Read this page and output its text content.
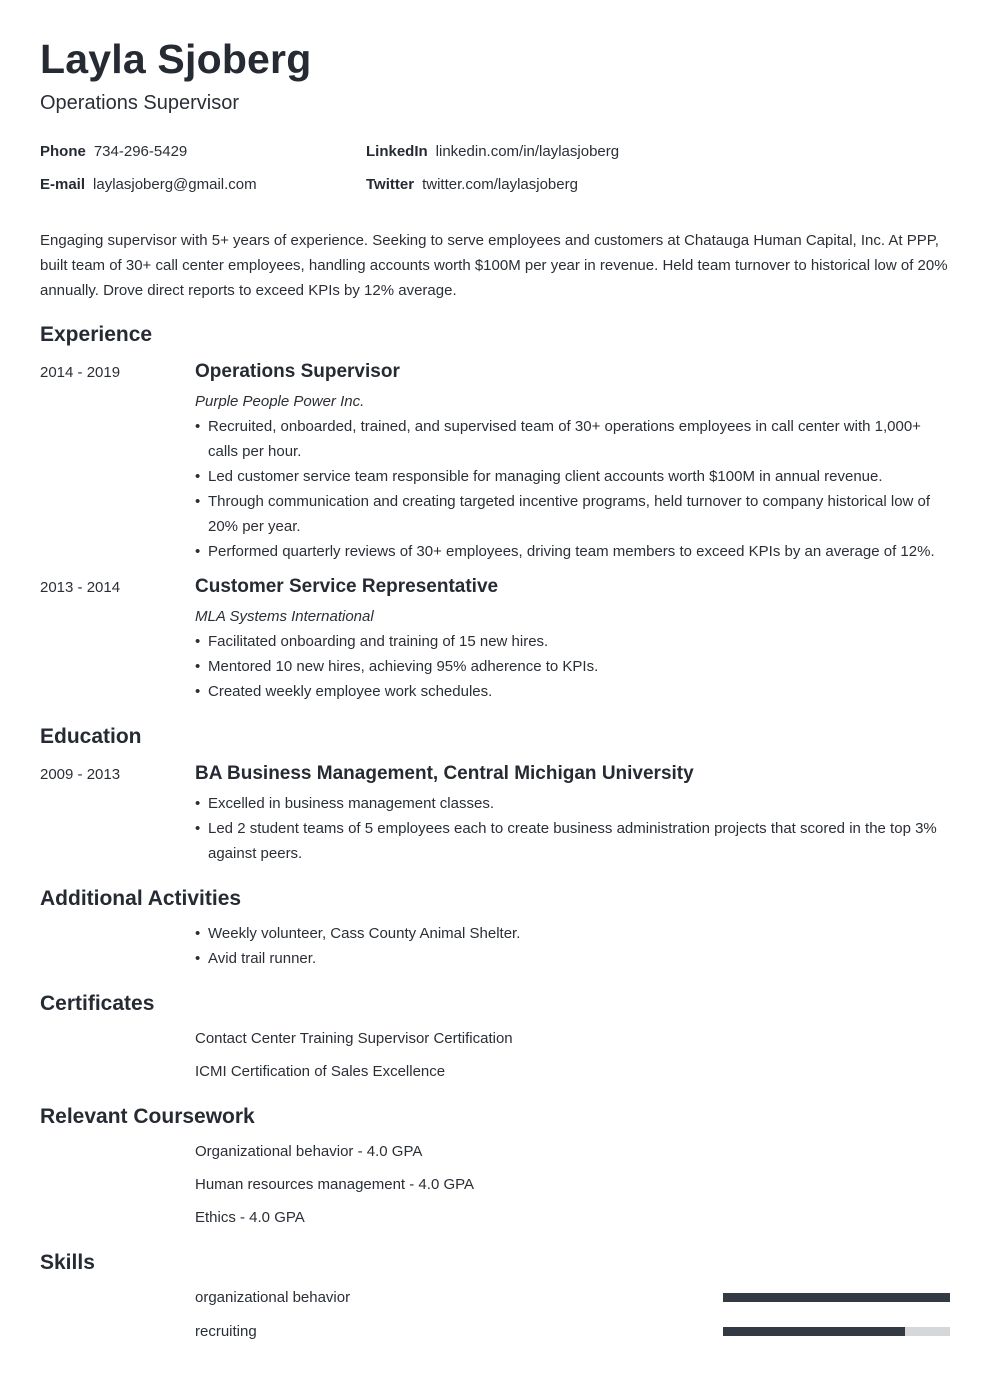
Layla Sjoberg
Operations Supervisor
Phone 734-296-5429
E-mail laylasjoberg@gmail.com
LinkedIn linkedin.com/in/laylasjoberg
Twitter twitter.com/laylasjoberg
Engaging supervisor with 5+ years of experience. Seeking to serve employees and customers at Chatauga Human Capital, Inc. At PPP, built team of 30+ call center employees, handling accounts worth $100M per year in revenue. Held team turnover to historical low of 20% annually. Drove direct reports to exceed KPIs by 12% average.
Experience
2014 - 2019	Operations Supervisor
Purple People Power Inc.
• Recruited, onboarded, trained, and supervised team of 30+ operations employees in call center with 1,000+ calls per hour.
• Led customer service team responsible for managing client accounts worth $100M in annual revenue.
• Through communication and creating targeted incentive programs, held turnover to company historical low of 20% per year.
• Performed quarterly reviews of 30+ employees, driving team members to exceed KPIs by an average of 12%.
2013 - 2014	Customer Service Representative
MLA Systems International
• Facilitated onboarding and training of 15 new hires.
• Mentored 10 new hires, achieving 95% adherence to KPIs.
• Created weekly employee work schedules.
Education
2009 - 2013	BA Business Management, Central Michigan University
• Excelled in business management classes.
• Led 2 student teams of 5 employees each to create business administration projects that scored in the top 3% against peers.
Additional Activities
• Weekly volunteer, Cass County Animal Shelter.
• Avid trail runner.
Certificates
Contact Center Training Supervisor Certification
ICMI Certification of Sales Excellence
Relevant Coursework
Organizational behavior - 4.0 GPA
Human resources management - 4.0 GPA
Ethics - 4.0 GPA
Skills
organizational behavior
recruiting
